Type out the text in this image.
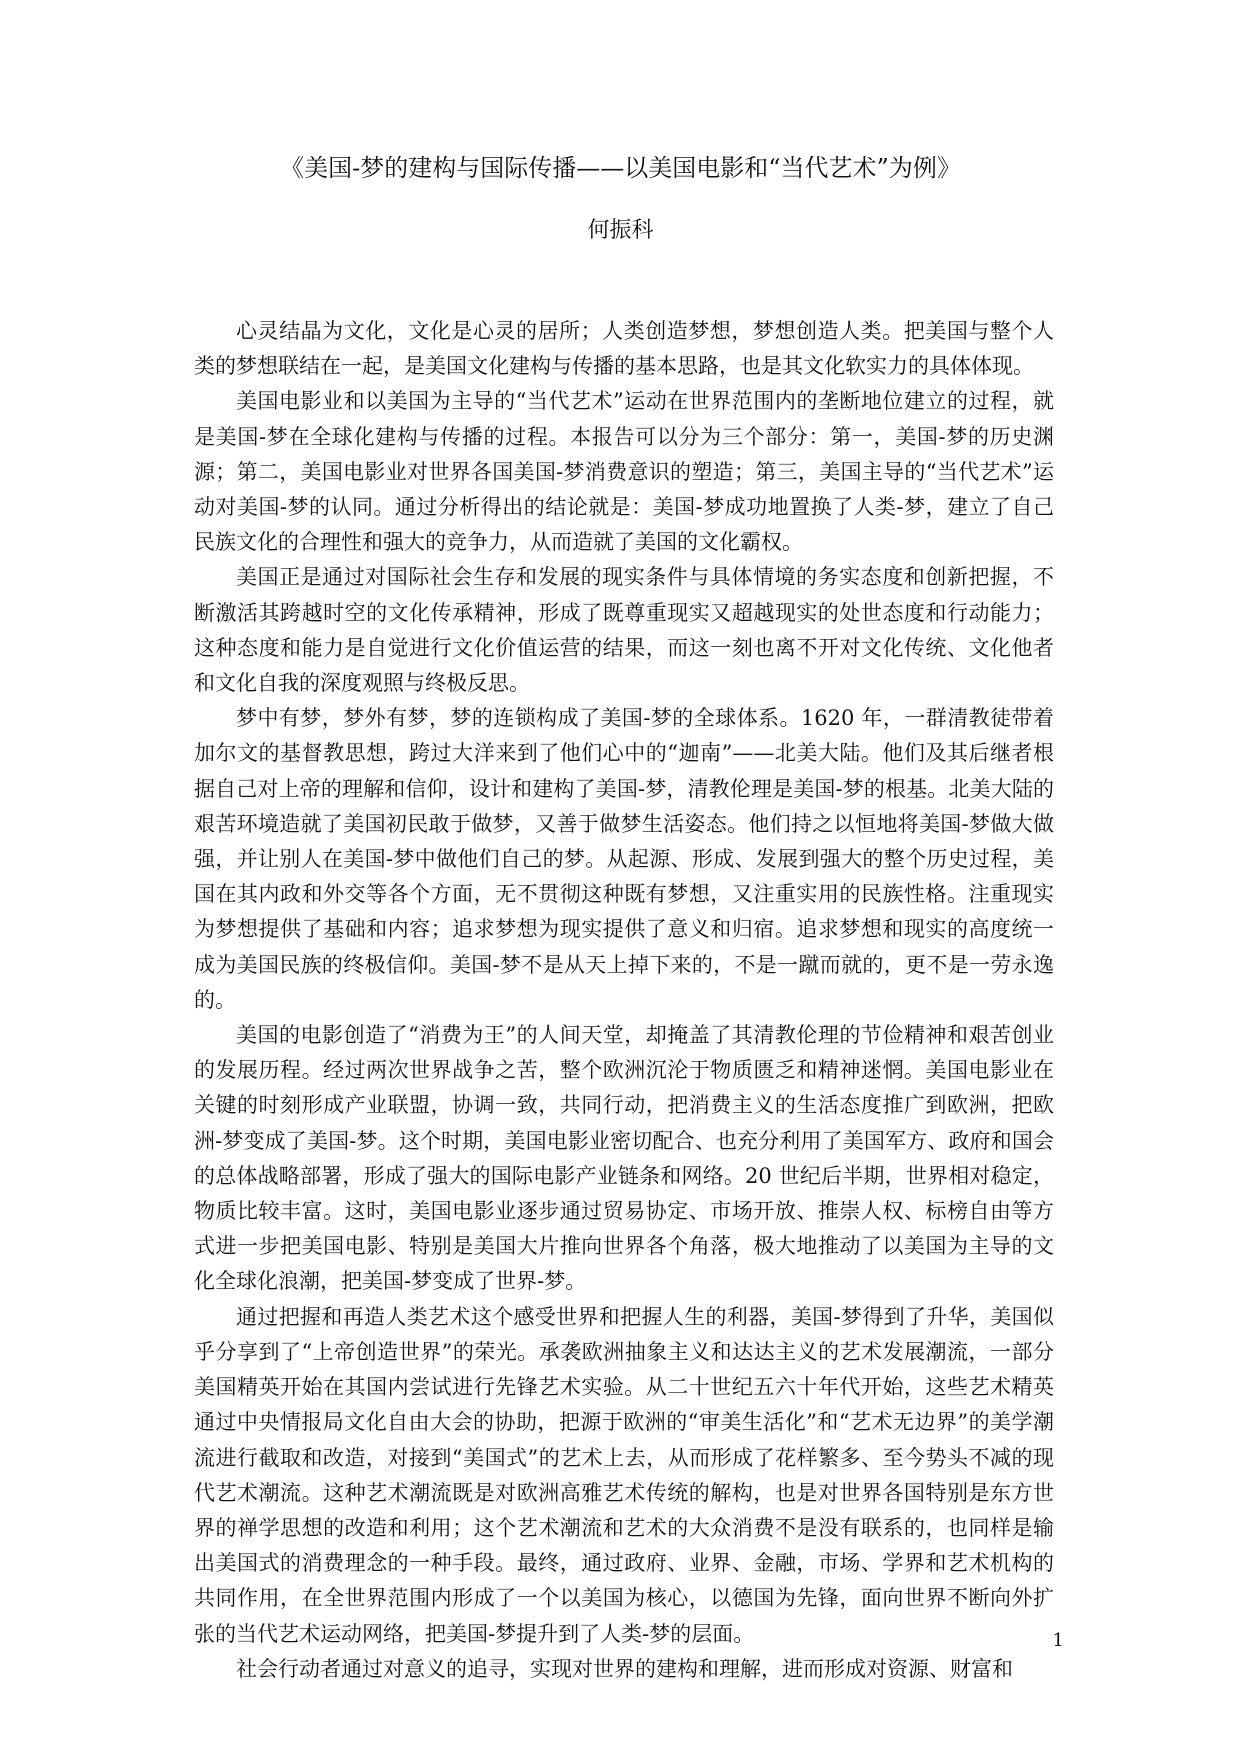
《美国-梦的建构与国际传播——以美国电影和“当代艺术”为例》
何振科

心灵结晶为文化，文化是心灵的居所；人类创造梦想，梦想创造人类。把美国与整个人类的梦想联结在一起，是美国文化建构与传播的基本思路，也是其文化软实力的具体体现。

美国电影业和以美国为主导的“当代艺术”运动在世界范围内的垄断地位建立的过程，就是美国-梦在全球化建构与传播的过程。本报告可以分为三个部分：第一，美国-梦的历史渊源；第二，美国电影业对世界各国美国-梦消费意识的塑造；第三，美国主导的“当代艺术”运动对美国-梦的认同。通过分析得出的结论就是：美国-梦成功地置换了人类-梦，建立了自己民族文化的合理性和强大的竞争力，从而造就了美国的文化霸权。

美国正是通过对国际社会生存和发展的现实条件与具体情境的务实态度和创新把握，不断激活其跨越时空的文化传承精神，形成了既尊重现实又超越现实的处世态度和行动能力；这种态度和能力是自觉进行文化价值运营的结果，而这一刻也离不开对文化传统、文化他者和文化自我的深度观照与终极反思。

梦中有梦，梦外有梦，梦的连锁构成了美国-梦的全球体系。1620 年，一群清教徒带着加尔文的基督教思想，跨过大洋来到了他们心中的“迦南”——北美大陆。他们及其后继者根据自己对上帝的理解和信仰，设计和建构了美国-梦，清教伦理是美国-梦的根基。北美大陆的艰苦环境造就了美国初民敢于做梦，又善于做梦生活姿态。他们持之以恒地将美国-梦做大做强，并让别人在美国-梦中做他们自己的梦。从起源、形成、发展到强大的整个历史过程，美国在其内政和外交等各个方面，无不贯彻这种既有梦想，又注重实用的民族性格。注重现实为梦想提供了基础和内容；追求梦想为现实提供了意义和归宿。追求梦想和现实的高度统一成为美国民族的终极信仰。美国-梦不是从天上掉下来的，不是一蹴而就的，更不是一劳永逸的。

美国的电影创造了“消费为王”的人间天堂，却掩盖了其清教伦理的节俭精神和艰苦创业的发展历程。经过两次世界战争之苦，整个欧洲沉沦于物质匮乏和精神迷惘。美国电影业在关键的时刻形成产业联盟，协调一致，共同行动，把消费主义的生活态度推广到欧洲，把欧洲-梦变成了美国-梦。这个时期，美国电影业密切配合、也充分利用了美国军方、政府和国会的总体战略部署，形成了强大的国际电影产业链条和网络。20 世纪后半期，世界相对稳定，物质比较丰富。这时，美国电影业逐步通过贸易协定、市场开放、推崇人权、标榜自由等方式进一步把美国电影、特别是美国大片推向世界各个角落，极大地推动了以美国为主导的文化全球化浪潮，把美国-梦变成了世界-梦。

通过把握和再造人类艺术这个感受世界和把握人生的利器，美国-梦得到了升华，美国似乎分享到了“上帝创造世界”的荣光。承袭欧洲抽象主义和达达主义的艺术发展潮流，一部分美国精英开始在其国内尝试进行先锋艺术实验。从二十世纪五六十年代开始，这些艺术精英通过中央情报局文化自由大会的协助，把源于欧洲的“审美生活化”和“艺术无边界”的美学潮流进行截取和改造，对接到“美国式”的艺术上去，从而形成了花样繁多、至今势头不减的现代艺术潮流。这种艺术潮流既是对欧洲高雅艺术传统的解构，也是对世界各国特别是东方世界的禅学思想的改造和利用；这个艺术潮流和艺术的大众消费不是没有联系的，也同样是输出美国式的消费理念的一种手段。最终，通过政府、业界、金融，市场、学界和艺术机构的共同作用，在全世界范围内形成了一个以美国为核心，以德国为先锋，面向世界不断向外扩张的当代艺术运动网络，把美国-梦提升到了人类-梦的层面。

社会行动者通过对意义的追寻，实现对世界的建构和理解，进而形成对资源、财富和

1
